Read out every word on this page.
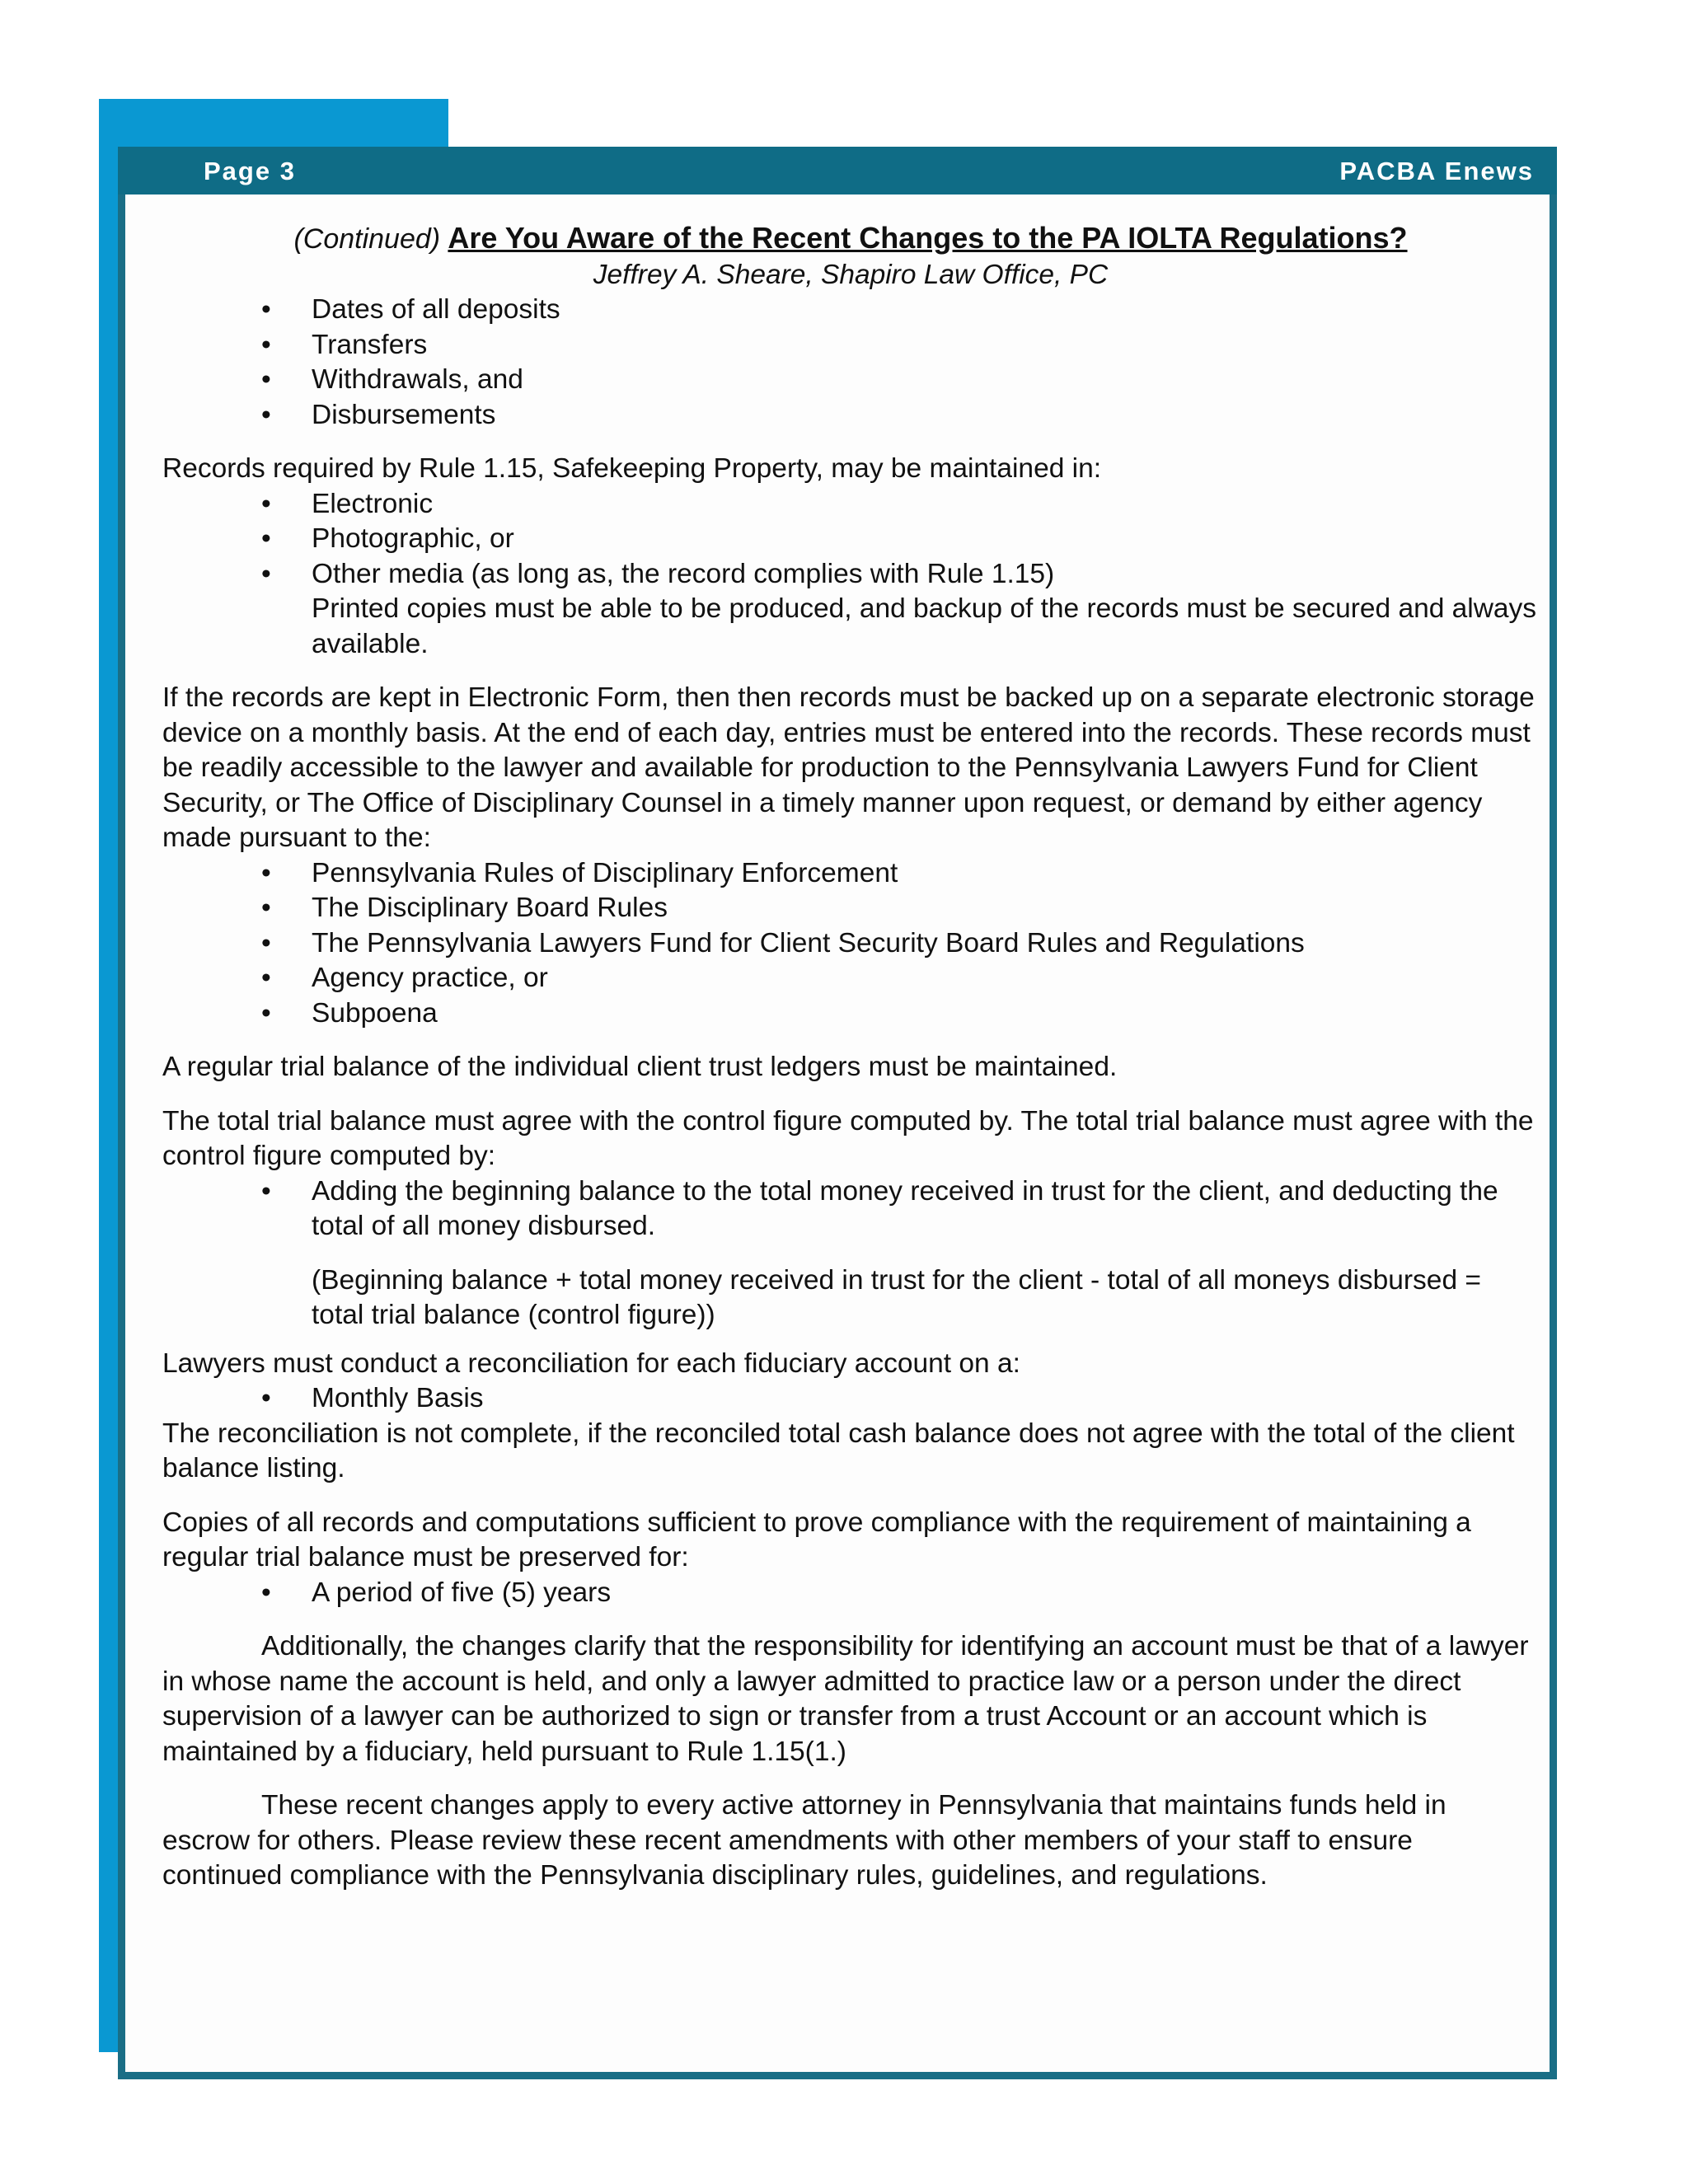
Page 3	PACBA Enews

(Continued) Are You Aware of the Recent Changes to the PA IOLTA Regulations?

Jeffrey A. Sheare, Shapiro Law Office, PC

• Dates of all deposits
• Transfers
• Withdrawals, and
• Disbursements

Records required by Rule 1.15, Safekeeping Property, may be maintained in:

• Electronic
• Photographic, or
• Other media (as long as, the record complies with Rule 1.15)

Printed copies must be able to be produced, and backup of the records must be secured and always available.

If the records are kept in Electronic Form, then then records must be backed up on a separate electronic storage device on a monthly basis. At the end of each day, entries must be entered into the records. These records must be readily accessible to the lawyer and available for production to the Pennsylvania Lawyers Fund for Client Security, or The Office of Disciplinary Counsel in a timely manner upon request, or demand by either agency made pursuant to the:

• Pennsylvania Rules of Disciplinary Enforcement
• The Disciplinary Board Rules
• The Pennsylvania Lawyers Fund for Client Security Board Rules and Regulations
• Agency practice, or
• Subpoena

A regular trial balance of the individual client trust ledgers must be maintained.

The total trial balance must agree with the control figure computed by. The total trial balance must agree with the control figure computed by:

• Adding the beginning balance to the total money received in trust for the client, and deducting the total of all money disbursed.

(Beginning balance + total money received in trust for the client - total of all moneys disbursed = total trial balance (control figure))

Lawyers must conduct a reconciliation for each fiduciary account on a:

• Monthly Basis

The reconciliation is not complete, if the reconciled total cash balance does not agree with the total of the client balance listing.

Copies of all records and computations sufficient to prove compliance with the requirement of maintaining a regular trial balance must be preserved for:

• A period of five (5) years

Additionally, the changes clarify that the responsibility for identifying an account must be that of a lawyer in whose name the account is held, and only a lawyer admitted to practice law or a person under the direct supervision of a lawyer can be authorized to sign or transfer from a trust Account or an account which is maintained by a fiduciary, held pursuant to Rule 1.15(1.)

These recent changes apply to every active attorney in Pennsylvania that maintains funds held in escrow for others. Please review these recent amendments with other members of your staff to ensure continued compliance with the Pennsylvania disciplinary rules, guidelines, and regulations.
